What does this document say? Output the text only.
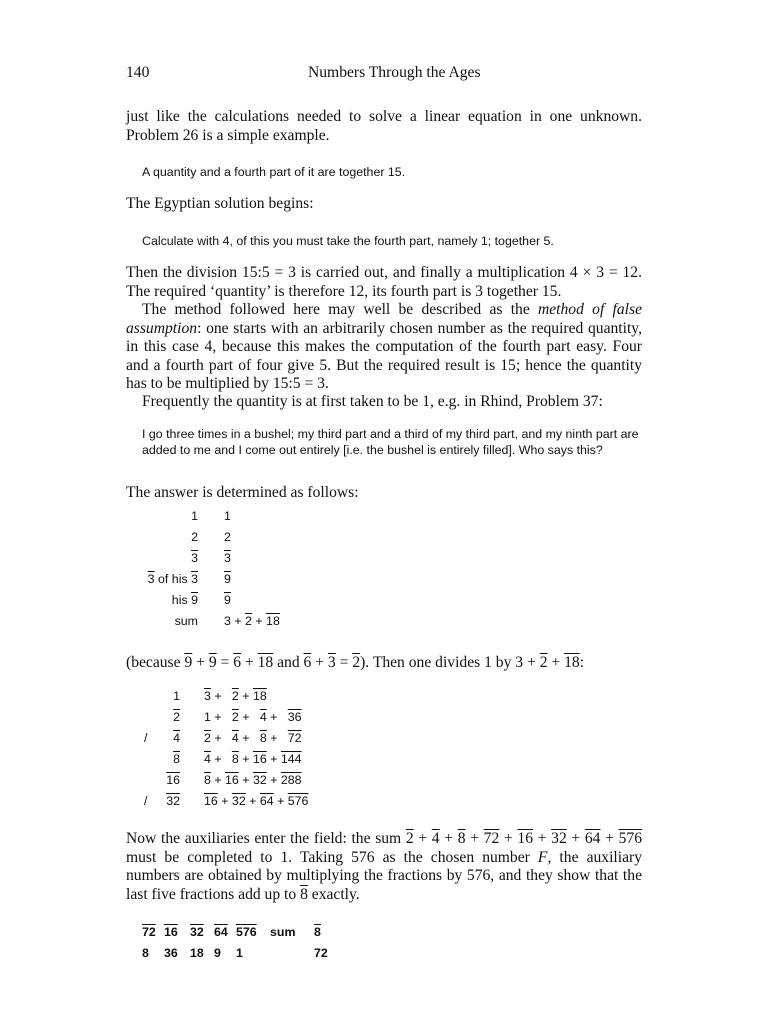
140	Numbers Through the Ages
just like the calculations needed to solve a linear equation in one unknown. Problem 26 is a simple example.
A quantity and a fourth part of it are together 15.
The Egyptian solution begins:
Calculate with 4, of this you must take the fourth part, namely 1; together 5.
Then the division 15:5 = 3 is carried out, and finally a multiplication 4 × 3 = 12. The required ‘quantity’ is therefore 12, its fourth part is 3 together 15.
The method followed here may well be described as the method of false assumption: one starts with an arbitrarily chosen number as the required quantity, in this case 4, because this makes the computation of the fourth part easy. Four and a fourth part of four give 5. But the required result is 15; hence the quantity has to be multiplied by 15:5 = 3.
Frequently the quantity is at first taken to be 1, e.g. in Rhind, Problem 37:
I go three times in a bushel; my third part and a third of my third part, and my ninth part are added to me and I come out entirely [i.e. the bushel is entirely filled]. Who says this?
The answer is determined as follows:
1	1
2	2
3	3
3 of his 3	9
his 9	9
sum	3 + 2 + 18
(because 9 + 9 = 6 + 18 and 6 + 3 = 2). Then one divides 1 by 3 + 2 + 18:
	1	3 +   2 + 18
	2	1 +   2 +   4 +   36
/	4	2 +   4 +   8 +   72
	8	4 +   8 + 16 + 144
	16	8 + 16 + 32 + 288
/	32	16 + 32 + 64 + 576
Now the auxiliaries enter the field: the sum 2 + 4 + 8 + 72 + 16 + 32 + 64 + 576 must be completed to 1. Taking 576 as the chosen number F, the auxiliary numbers are obtained by multiplying the fractions by 576, and they show that the last five fractions add up to 8 exactly.
72	16	32	64	576	sum	8
8	36	18	9	1		72
